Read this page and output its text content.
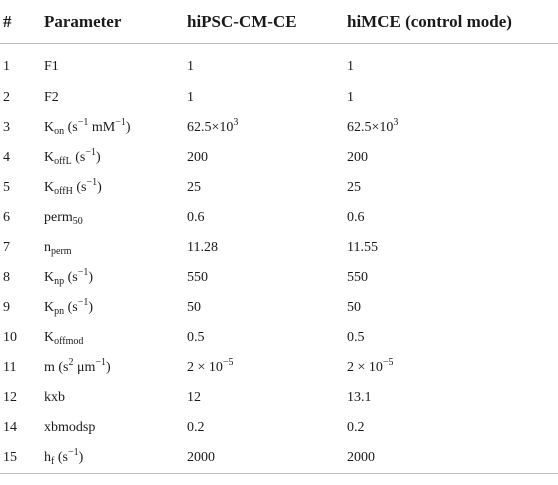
#	Parameter	hiPSC-CM-CE	hiMCE (control mode)
1	F1	1	1
2	F2	1	1
3	$K_{on}$ ($s^{-1}$ $mM^{-1}$)	$62.5\times 10^3$	$62.5\times 10^3$
4	$K_{offL}$ $(s^{-1})$	200	200
5	$K_{offH}$ $(s^{-1})$	25	25
6	perm$_{50}$	0.6	0.6
7	$n_{perm}$	11.28	11.55
8	$K_{np}$ $(s^{-1})$	550	550
9	$K_{pn}$ $(s^{-1})$	50	50
10	$K_{offmod}$	0.5	0.5
11	m ($s^2$ $\mu m^{-1}$)	$2 \times 10^{-5}$	$2 \times 10^{-5}$
12	kxb	12	13.1
14	xbmodsp	0.2	0.2
15	$h_f$ $(s^{-1})$	2000	2000
